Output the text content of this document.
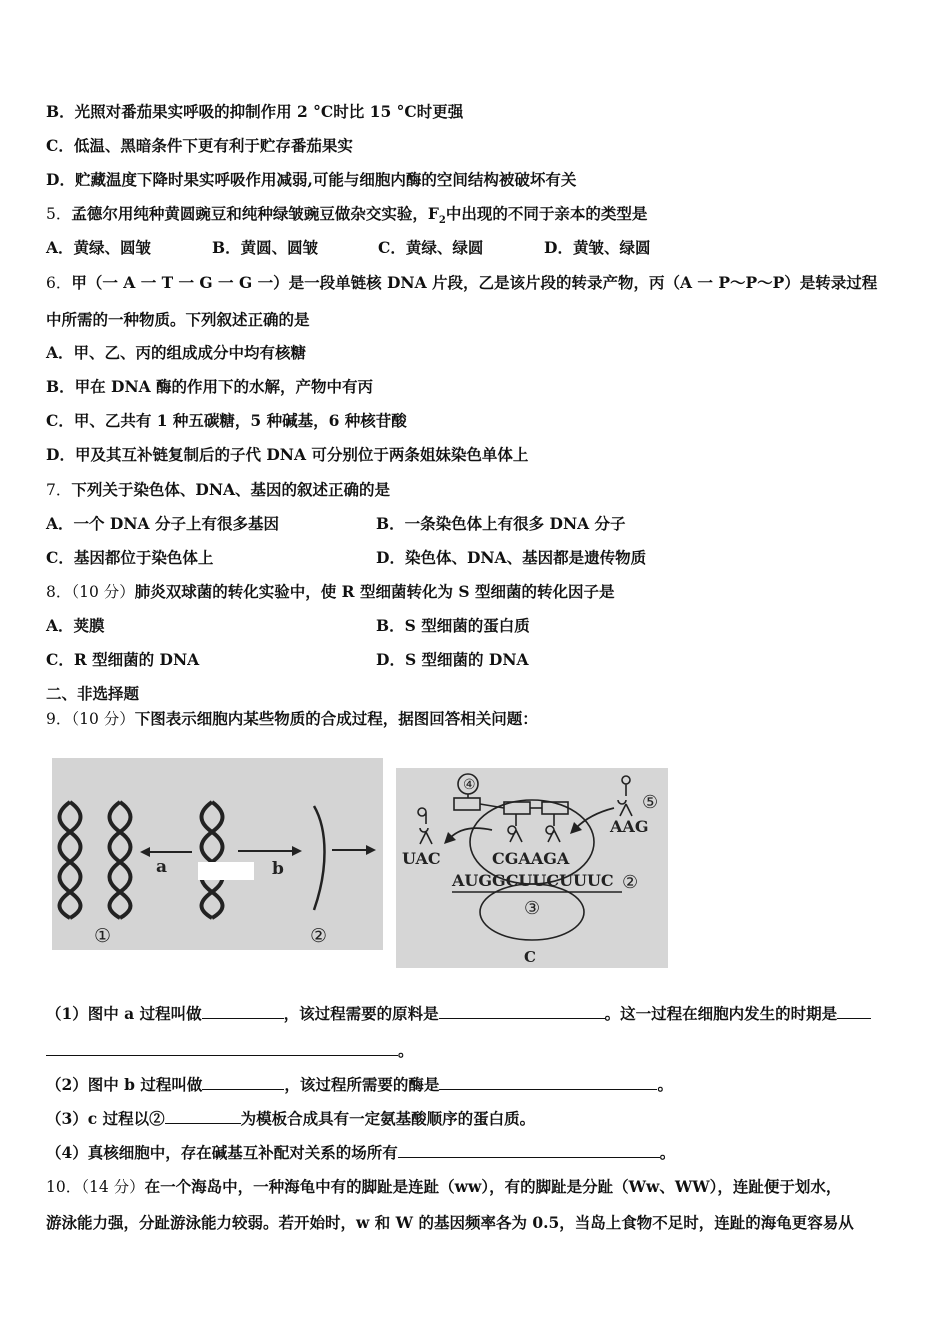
B．光照对番茄果实呼吸的抑制作用 2 °C时比 15 °C时更强
C．低温、黑暗条件下更有利于贮存番茄果实
D．贮藏温度下降时果实呼吸作用减弱,可能与细胞内酶的空间结构被破坏有关
5．孟德尔用纯种黄圆豌豆和纯种绿皱豌豆做杂交实验，$F_2$中出现的不同于亲本的类型是
A．黄绿、圆皱	B．黄圆、圆皱	C．黄绿、绿圆	D．黄皱、绿圆
6．甲（一 A 一 T 一 G 一 G 一）是一段单链核 DNA 片段，乙是该片段的转录产物，丙（A 一 P～P～P）是转录过程
中所需的一种物质。下列叙述正确的是
A．甲、乙、丙的组成成分中均有核糖
B．甲在 DNA 酶的作用下的水解，产物中有丙
C．甲、乙共有 1 种五碳糖，5 种碱基，6 种核苷酸
D．甲及其互补链复制后的子代 DNA 可分别位于两条姐妹染色单体上
7．下列关于染色体、DNA、基因的叙述正确的是
A．一个 DNA 分子上有很多基因	B．一条染色体上有很多 DNA 分子
C．基因都位于染色体上	D．染色体、DNA、基因都是遗传物质
8．（10 分）肺炎双球菌的转化实验中，使 R 型细菌转化为 S 型细菌的转化因子是
A．荚膜	B．S 型细菌的蛋白质
C．R 型细菌的 DNA	D．S 型细菌的 DNA
二、非选择题
9．（10 分）下图表示细胞内某些物质的合成过程，据图回答相关问题：
a	b
①	②
④
⑤
UAC
AAG
CGAAGA
AUGGCUUCUUUC ②
③
C
（1）图中 a 过程叫做	，该过程需要的原料是	。这一过程在细胞内发生的时期是
。
（2）图中 b 过程叫做	，该过程所需要的酶是	。
（3）c 过程以②	为模板合成具有一定氨基酸顺序的蛋白质。
（4）真核细胞中，存在碱基互补配对关系的场所有	。
10．（14 分）在一个海岛中，一种海龟中有的脚趾是连趾（ww），有的脚趾是分趾（Ww、WW），连趾便于划水，
游泳能力强，分趾游泳能力较弱。若开始时，w 和 W 的基因频率各为 0.5，当岛上食物不足时，连趾的海龟更容易从
